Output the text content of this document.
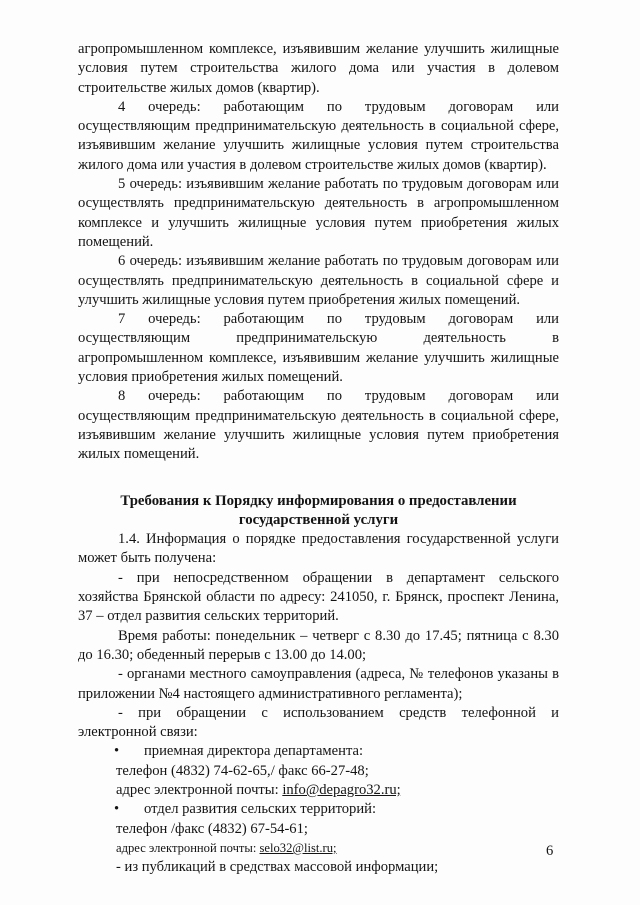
агропромышленном комплексе, изъявившим желание улучшить жилищные условия путем строительства жилого дома или участия в долевом строительстве жилых домов (квартир).

4 очередь: работающим по трудовым договорам или осуществляющим предпринимательскую деятельность в социальной сфере, изъявившим желание улучшить жилищные условия путем строительства жилого дома или участия в долевом строительстве жилых домов (квартир).

5 очередь: изъявившим желание работать по трудовым договорам или осуществлять предпринимательскую деятельность в агропромышленном комплексе и улучшить жилищные условия путем приобретения жилых помещений.

6 очередь: изъявившим желание работать по трудовым договорам или осуществлять предпринимательскую деятельность в социальной сфере и улучшить жилищные условия путем приобретения жилых помещений.

7 очередь: работающим по трудовым договорам или осуществляющим предпринимательскую деятельность в агропромышленном комплексе, изъявившим желание улучшить жилищные условия приобретения жилых помещений.

8 очередь: работающим по трудовым договорам или осуществляющим предпринимательскую деятельность в социальной сфере, изъявившим желание улучшить жилищные условия путем приобретения жилых помещений.

Требования к Порядку информирования о предоставлении государственной услуги

1.4. Информация о порядке предоставления государственной услуги может быть получена:

- при непосредственном обращении в департамент сельского хозяйства Брянской области по адресу: 241050, г. Брянск, проспект Ленина, 37 – отдел развития сельских территорий.

Время работы: понедельник – четверг с 8.30 до 17.45; пятница с 8.30 до 16.30; обеденный перерыв с 13.00 до 14.00;

- органами местного самоуправления (адреса, № телефонов указаны в приложении №4 настоящего административного регламента);

- при обращении с использованием средств телефонной и электронной связи:

• приемная директора департамента:

телефон (4832) 74-62-65,/ факс 66-27-48;

адрес электронной почты: info@depagro32.ru;

• отдел развития сельских территорий:

телефон /факс (4832) 67-54-61;

адрес электронной почты: selo32@list.ru;

- из публикаций в средствах массовой информации;

6
